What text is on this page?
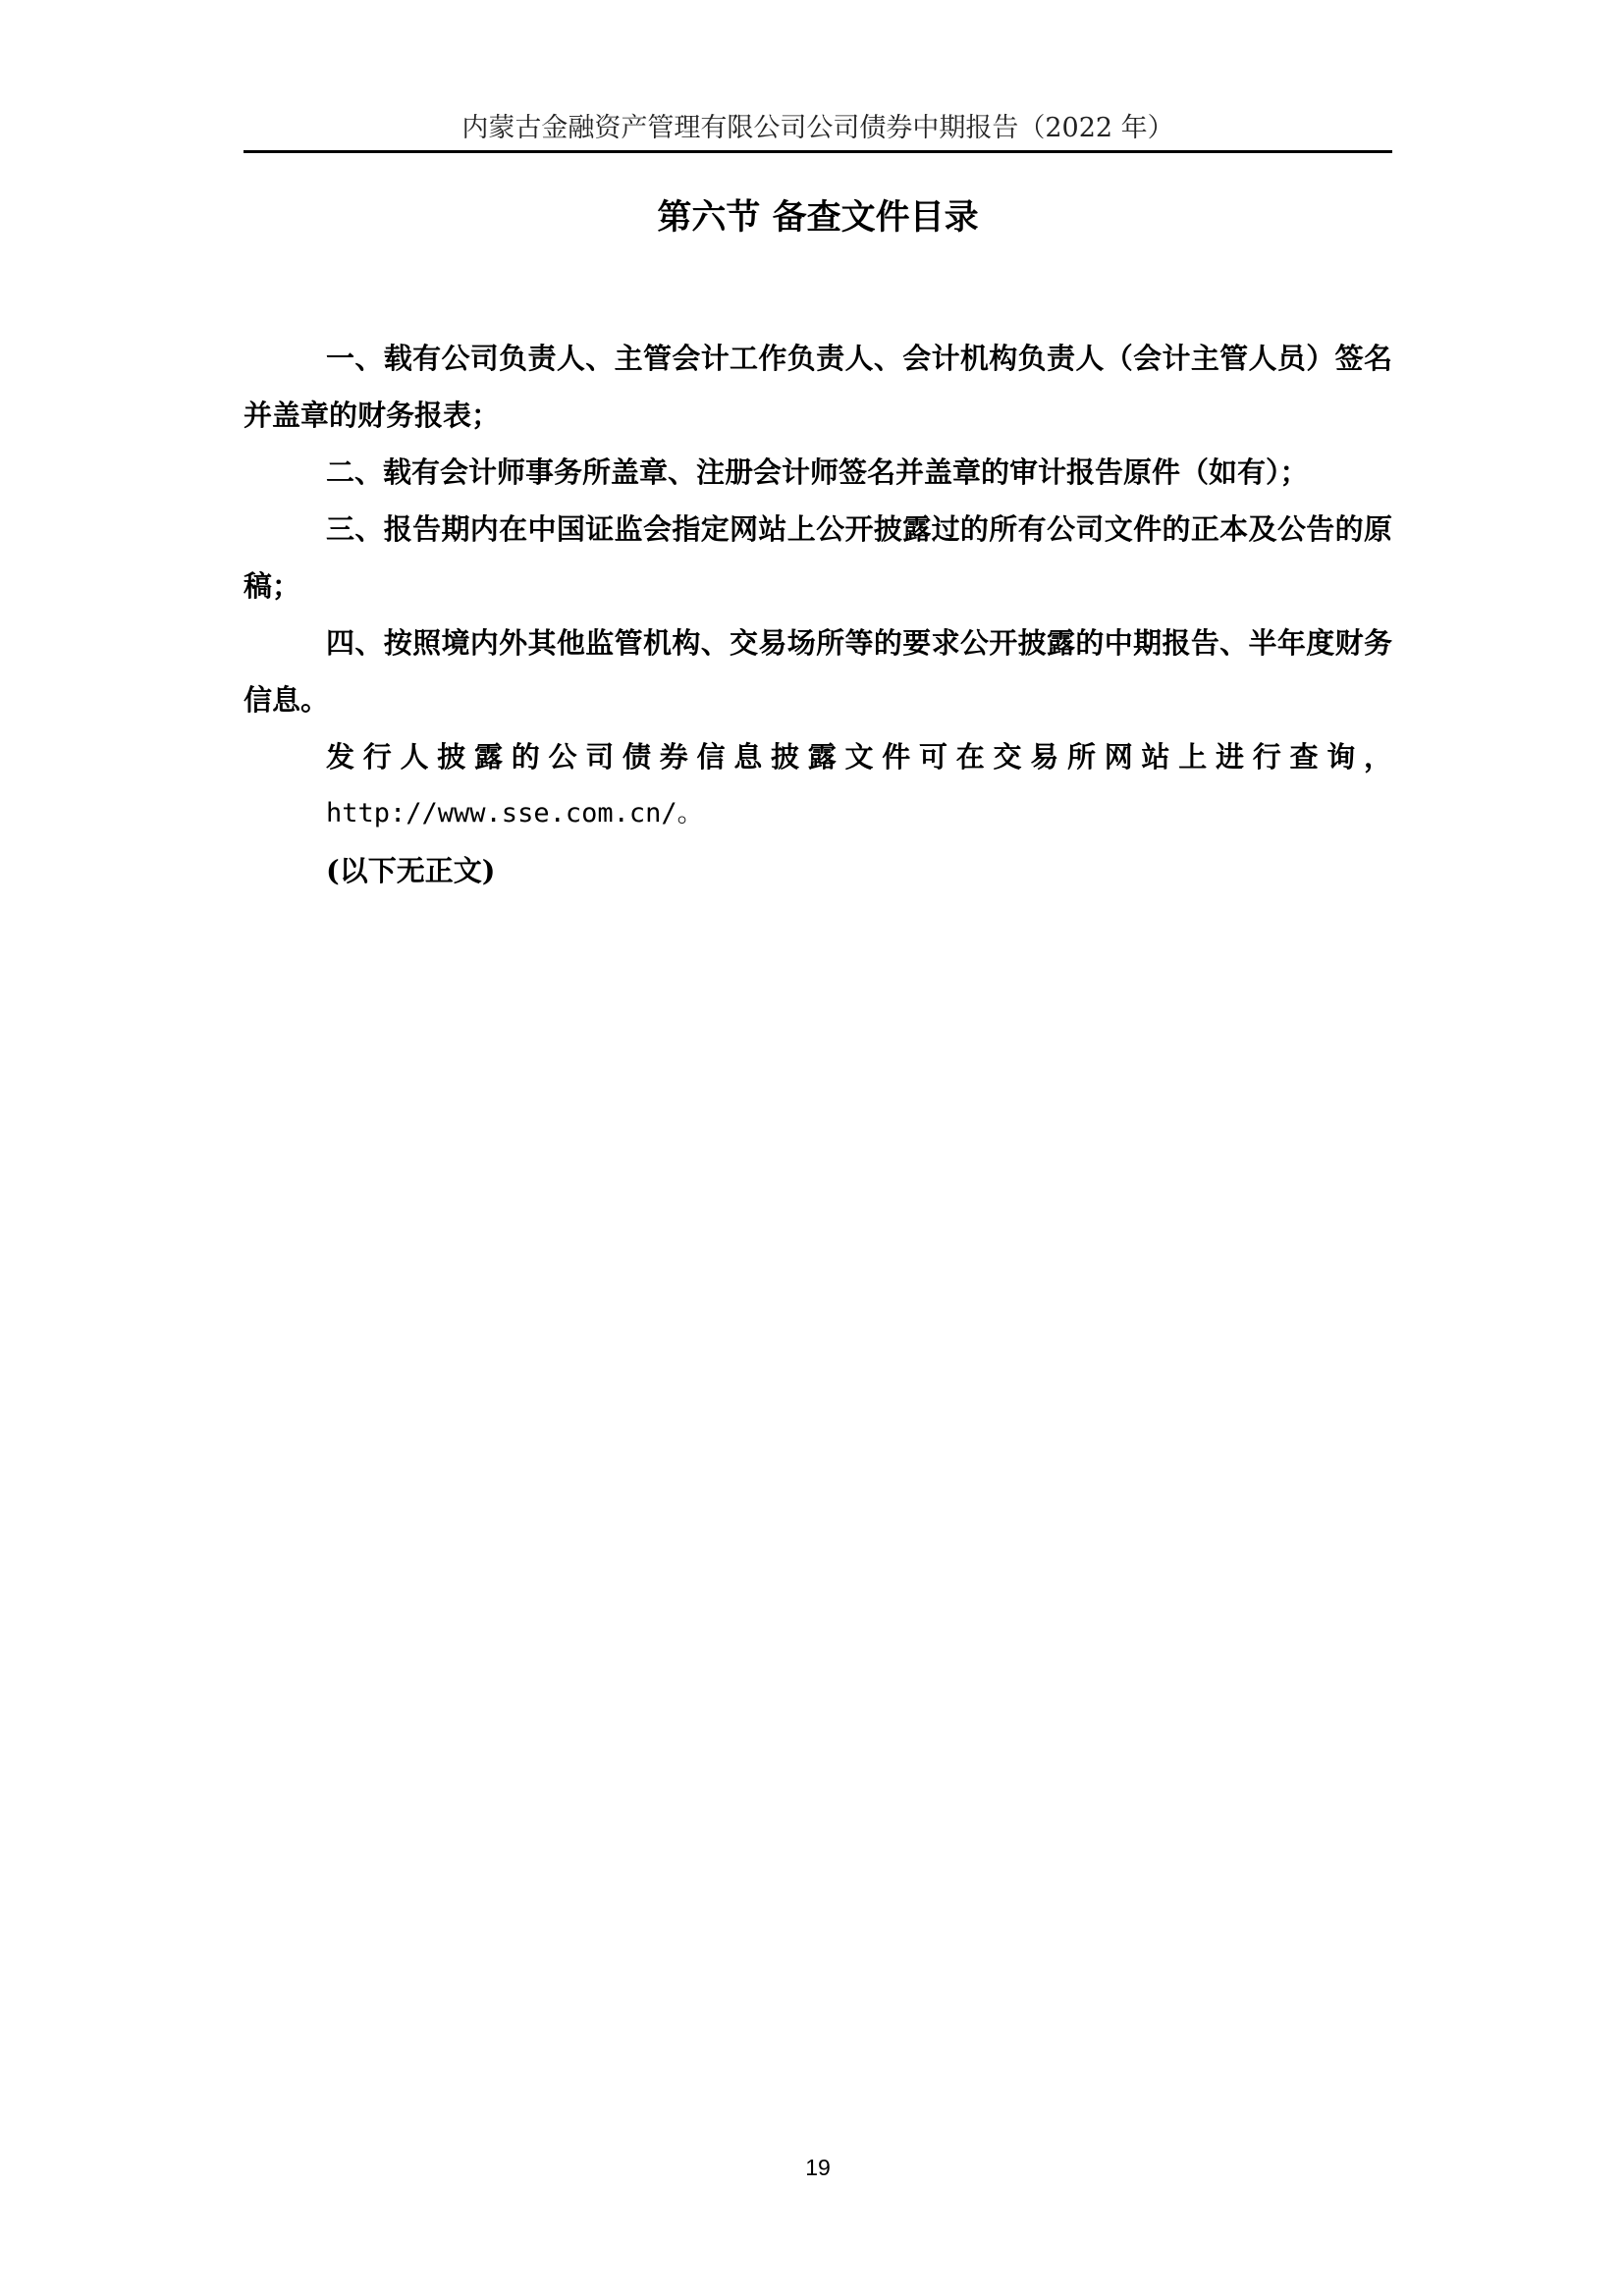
内蒙古金融资产管理有限公司公司债券中期报告（2022 年）
第六节 备查文件目录

一、载有公司负责人、主管会计工作负责人、会计机构负责人（会计主管人员）签名并盖章的财务报表；

二、载有会计师事务所盖章、注册会计师签名并盖章的审计报告原件（如有）；

三、报告期内在中国证监会指定网站上公开披露过的所有公司文件的正本及公告的原稿；

四、按照境内外其他监管机构、交易场所等的要求公开披露的中期报告、半年度财务信息。

发行人披露的公司债券信息披露文件可在交易所网站上进行查询，

http://www.sse.com.cn/。

(以下无正文)

19
